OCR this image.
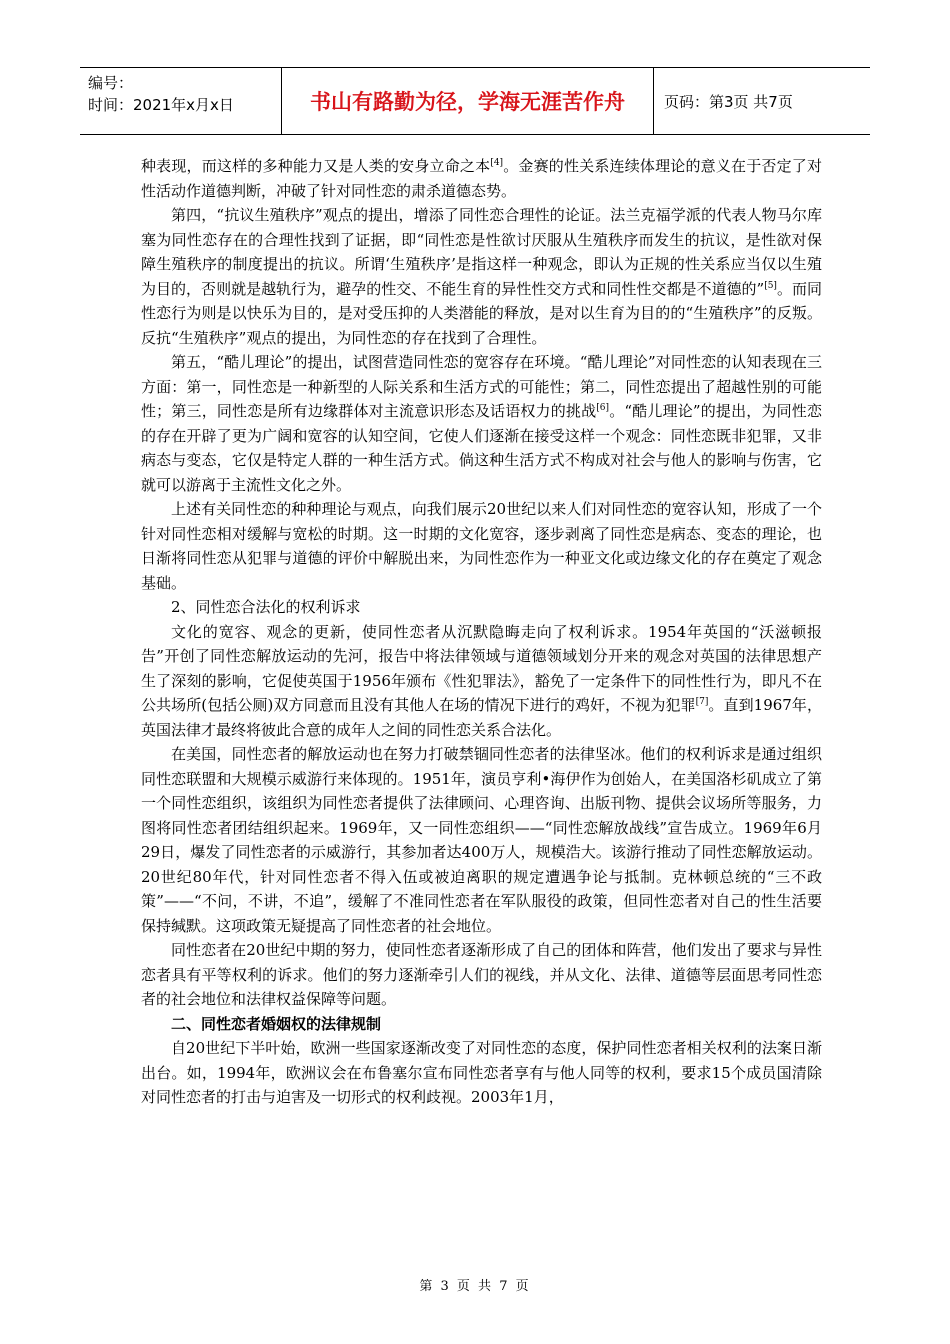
编号：
时间：2021年x月x日	书山有路勤为径，学海无涯苦作舟	页码：第3页 共7页

种表现，而这样的多种能力又是人类的安身立命之本[4]。金赛的性关系连续体理论的意义在于否定了对性活动作道德判断，冲破了针对同性恋的肃杀道德态势。

第四，“抗议生殖秩序”观点的提出，增添了同性恋合理性的论证。法兰克福学派的代表人物马尔库塞为同性恋存在的合理性找到了证据，即“同性恋是性欲讨厌服从生殖秩序而发生的抗议，是性欲对保障生殖秩序的制度提出的抗议。所谓‘生殖秩序’是指这样一种观念，即认为正规的性关系应当仅以生殖为目的，否则就是越轨行为，避孕的性交、不能生育的异性性交方式和同性性交都是不道德的”[5]。而同性恋行为则是以快乐为目的，是对受压抑的人类潜能的释放，是对以生育为目的的“生殖秩序”的反叛。反抗“生殖秩序”观点的提出，为同性恋的存在找到了合理性。

第五，“酷儿理论”的提出，试图营造同性恋的宽容存在环境。“酷儿理论”对同性恋的认知表现在三方面：第一，同性恋是一种新型的人际关系和生活方式的可能性；第二，同性恋提出了超越性别的可能性；第三，同性恋是所有边缘群体对主流意识形态及话语权力的挑战[6]。“酷儿理论”的提出，为同性恋的存在开辟了更为广阔和宽容的认知空间，它使人们逐渐在接受这样一个观念：同性恋既非犯罪，又非病态与变态，它仅是特定人群的一种生活方式。倘这种生活方式不构成对社会与他人的影响与伤害，它就可以游离于主流性文化之外。

上述有关同性恋的种种理论与观点，向我们展示20世纪以来人们对同性恋的宽容认知，形成了一个针对同性恋相对缓解与宽松的时期。这一时期的文化宽容，逐步剥离了同性恋是病态、变态的理论，也日渐将同性恋从犯罪与道德的评价中解脱出来，为同性恋作为一种亚文化或边缘文化的存在奠定了观念基础。

2、同性恋合法化的权利诉求

文化的宽容、观念的更新，使同性恋者从沉默隐晦走向了权利诉求。1954年英国的“沃滋顿报告”开创了同性恋解放运动的先河，报告中将法律领域与道德领域划分开来的观念对英国的法律思想产生了深刻的影响，它促使英国于1956年颁布《性犯罪法》，豁免了一定条件下的同性性行为，即凡不在公共场所(包括公厕)双方同意而且没有其他人在场的情况下进行的鸡奸，不视为犯罪[7]。直到1967年，英国法律才最终将彼此合意的成年人之间的同性恋关系合法化。

在美国，同性恋者的解放运动也在努力打破禁锢同性恋者的法律坚冰。他们的权利诉求是通过组织同性恋联盟和大规模示威游行来体现的。1951年，演员亨利•海伊作为创始人，在美国洛杉矶成立了第一个同性恋组织，该组织为同性恋者提供了法律顾问、心理咨询、出版刊物、提供会议场所等服务，力图将同性恋者团结组织起来。1969年，又一同性恋组织——“同性恋解放战线”宣告成立。1969年6月29日，爆发了同性恋者的示威游行，其参加者达400万人，规模浩大。该游行推动了同性恋解放运动。20世纪80年代，针对同性恋者不得入伍或被迫离职的规定遭遇争论与抵制。克林顿总统的“三不政策”——“不问，不讲，不追”，缓解了不准同性恋者在军队服役的政策，但同性恋者对自己的性生活要保持缄默。这项政策无疑提高了同性恋者的社会地位。

同性恋者在20世纪中期的努力，使同性恋者逐渐形成了自己的团体和阵营，他们发出了要求与异性恋者具有平等权利的诉求。他们的努力逐渐牵引人们的视线，并从文化、法律、道德等层面思考同性恋者的社会地位和法律权益保障等问题。

二、同性恋者婚姻权的法律规制

自20世纪下半叶始，欧洲一些国家逐渐改变了对同性恋的态度，保护同性恋者相关权利的法案日渐出台。如，1994年，欧洲议会在布鲁塞尔宣布同性恋者享有与他人同等的权利，要求15个成员国清除对同性恋者的打击与迫害及一切形式的权利歧视。2003年1月，

第 3 页 共 7 页
